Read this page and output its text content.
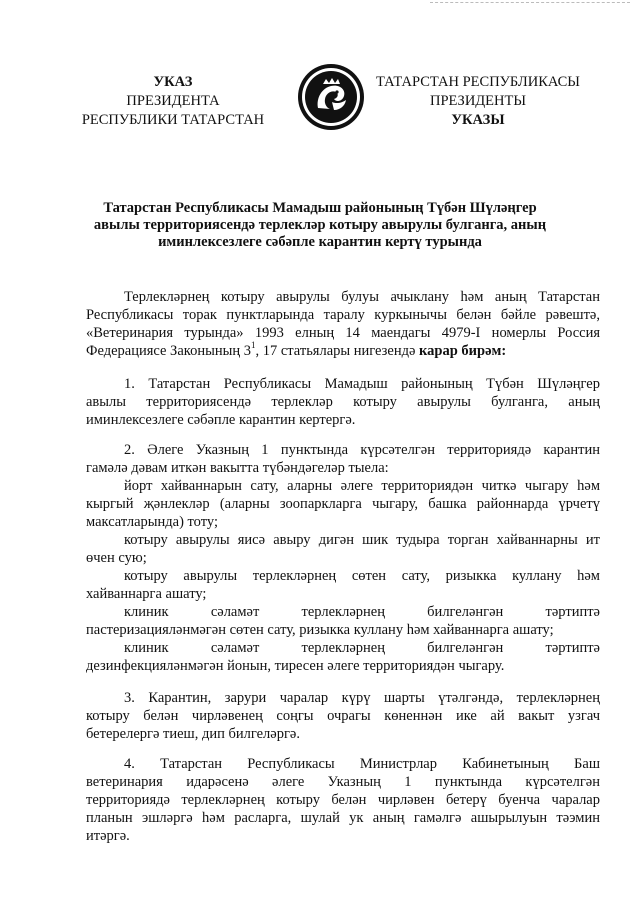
УКАЗ
ПРЕЗИДЕНТА
РЕСПУБЛИКИ ТАТАРСТАН
ТАТАРСТАН РЕСПУБЛИКАСЫ
ПРЕЗИДЕНТЫ
УКАЗЫ
Татарстан Республикасы Мамадыш районының Түбән Шүләңгер
авылы территориясендә терлекләр котыру авырулы булганга, аның
иминлексезлеге сәбәпле карантин кертү турында
Терлекләрнең котыру авырулы булуы ачыклану һәм аның Татарстан
Республикасы торак пунктларында таралу куркынычы белән бәйле рәвештә,
«Ветеринария турында» 1993 елның 14 маендагы 4979-I номерлы Россия
Федерациясе Законының $3^1$, 17 статьялары нигезендә карар бирәм:
1. Татарстан Республикасы Мамадыш районының Түбән Шүләңгер
авылы территориясендә терлекләр котыру авырулы булганга, аның
иминлексезлеге сәбәпле карантин кертергә.
2. Әлеге Указның 1 пунктында күрсәтелгән территориядә карантин
гамәлә дәвам иткән вакытта түбәндәгеләр тыела:
йорт хайваннарын сату, аларны әлеге территориядән читкә чыгару һәм
кыргый җәнлекләр (аларны зоопаркларга чыгару, башка районнарда үрчетү
максатларында) тоту;
котыру авырулы яисә авыру дигән шик тудыра торган хайваннарны ит
өчен сую;
котыру авырулы терлекләрнең сөтен сату, ризыкка куллану һәм
хайваннарга ашату;
клиник сәламәт терлекләрнең билгеләнгән тәртиптә
пастеризацияләнмәгән сөтен сату, ризыкка куллану һәм хайваннарга ашату;
клиник сәламәт терлекләрнең билгеләнгән тәртиптә
дезинфекцияләнмәгән йонын, тиресен әлеге территориядән чыгару.
3. Карантин, зарури чаралар күрү шарты үтәлгәндә, терлекләрнең
котыру белән чирләвенең соңгы очрагы көненнән ике ай вакыт узгач
бетерелергә тиеш, дип билгеләргә.
4. Татарстан Республикасы Министрлар Кабинетының Баш
ветеринария идарәсенә әлеге Указның 1 пунктында күрсәтелгән
территориядә терлекләрнең котыру белән чирләвен бетерү буенча чаралар
планын эшләргә һәм расларга, шулай ук аның гамәлгә ашырылуын тәэмин
итәргә.
